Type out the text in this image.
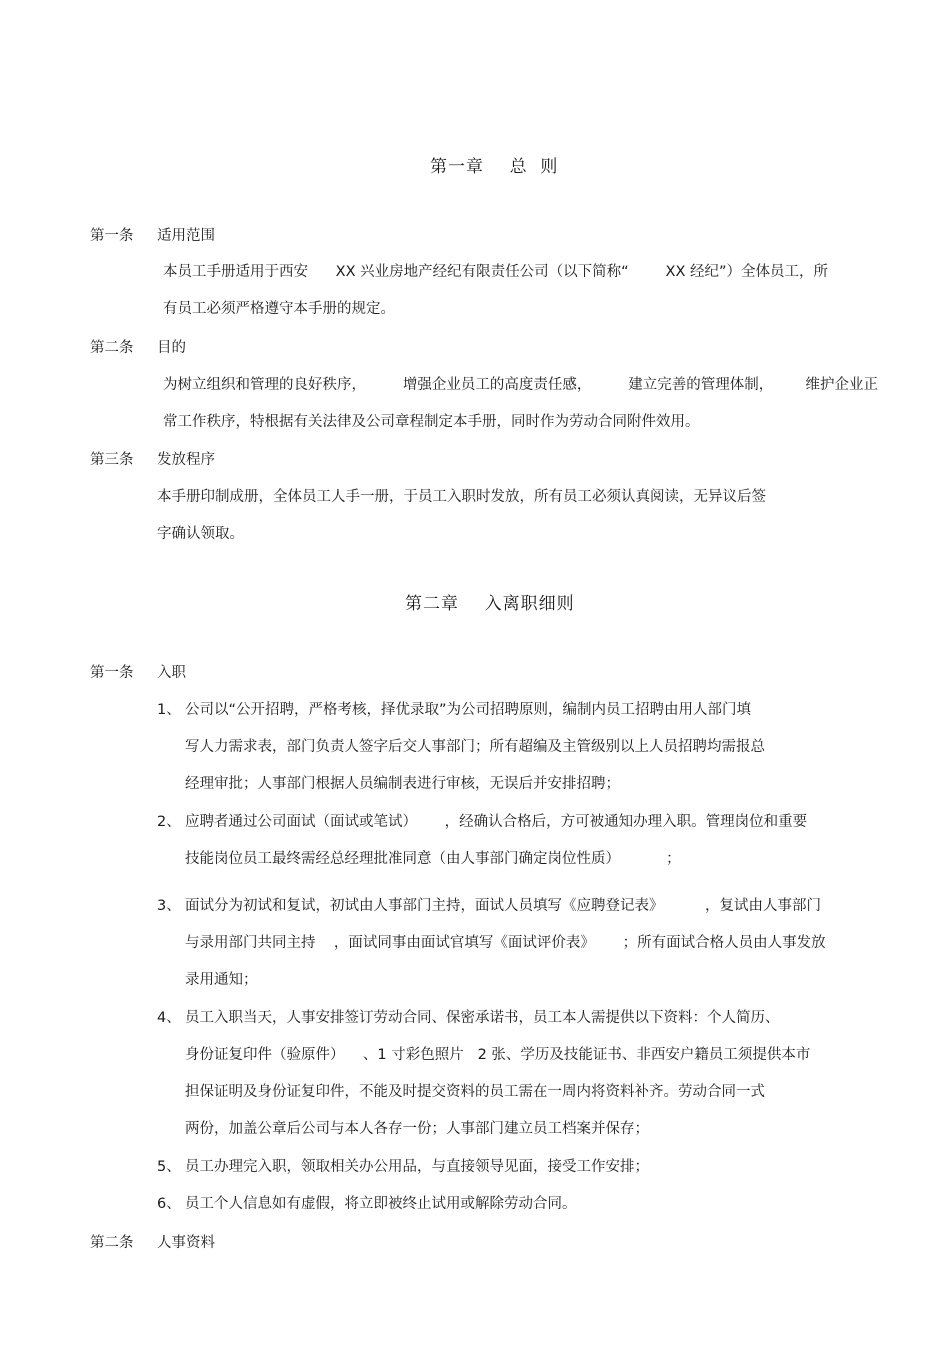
第一章    总  则
第一条 适用范围
本员工手册适用于西安      XX 兴业房地产经纪有限责任公司（以下简称“        XX 经纪”）全体员工，所
有员工必须严格遵守本手册的规定。
第二条 目的
为树立组织和管理的良好秩序，        增强企业员工的高度责任感，        建立完善的管理体制，       维护企业正
常工作秩序，特根据有关法律及公司章程制定本手册，同时作为劳动合同附件效用。
第三条 发放程序
本手册印制成册，全体员工人手一册，于员工入职时发放，所有员工必须认真阅读，无异议后签
字确认领取。
第二章    入离职细则
第一条 入职
1、 公司以“公开招聘，严格考核，择优录取”为公司招聘原则，编制内员工招聘由用人部门填
写人力需求表，部门负责人签字后交人事部门；所有超编及主管级别以上人员招聘均需报总
经理审批；人事部门根据人员编制表进行审核，无误后并安排招聘；
2、 应聘者通过公司面试（面试或笔试）      ，经确认合格后，方可被通知办理入职。管理岗位和重要
技能岗位员工最终需经总经理批准同意（由人事部门确定岗位性质）          ；
3、 面试分为初试和复试，初试由人事部门主持，面试人员填写《应聘登记表》         ，复试由人事部门
与录用部门共同主持    ，面试同事由面试官填写《面试评价表》      ；所有面试合格人员由人事发放
录用通知；
4、 员工入职当天，人事安排签订劳动合同、保密承诺书，员工本人需提供以下资料：个人简历、
身份证复印件（验原件）    、1 寸彩色照片   2 张、学历及技能证书、非西安户籍员工须提供本市
担保证明及身份证复印件，不能及时提交资料的员工需在一周内将资料补齐。劳动合同一式
两份，加盖公章后公司与本人各存一份；人事部门建立员工档案并保存；
5、 员工办理完入职，领取相关办公用品，与直接领导见面，接受工作安排；
6、 员工个人信息如有虚假，将立即被终止试用或解除劳动合同。
第二条 人事资料
